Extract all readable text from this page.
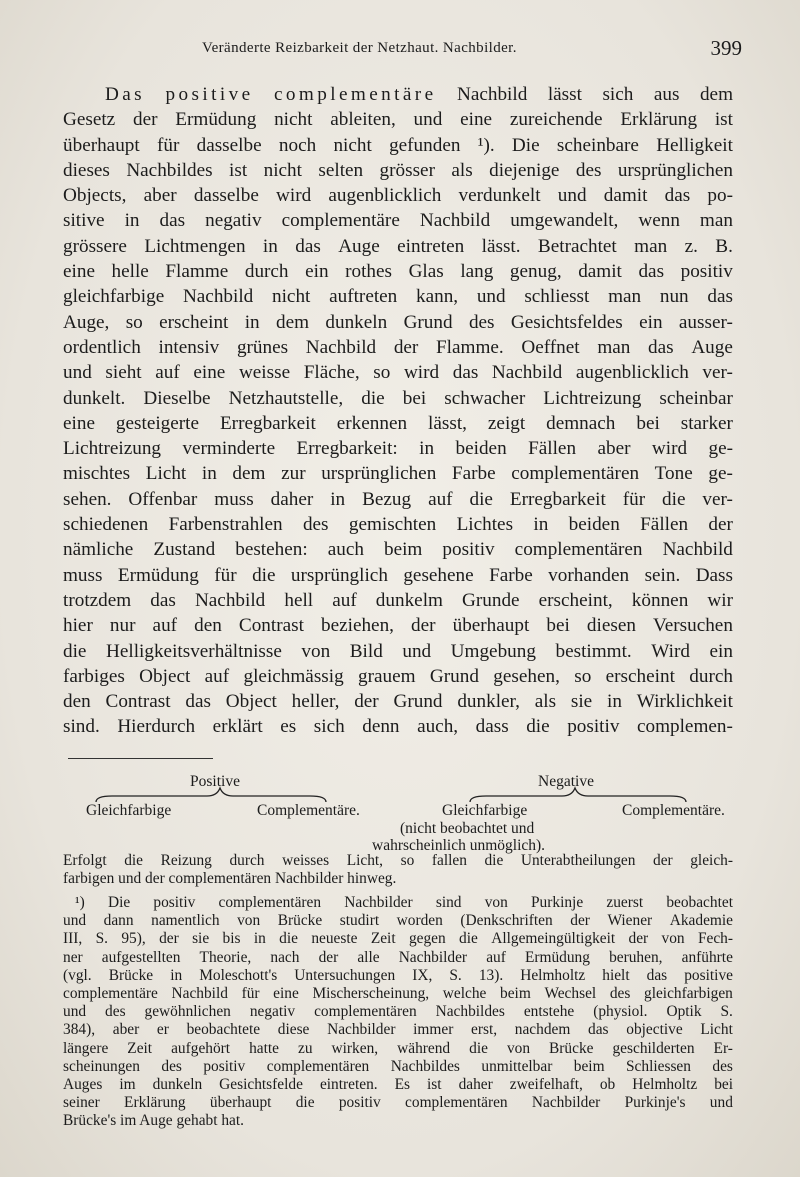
Veränderte Reizbarkeit der Netzhaut. Nachbilder.	399
Das positive complementäre Nachbild lässt sich aus dem
Gesetz der Ermüdung nicht ableiten, und eine zureichende Erklärung ist
überhaupt für dasselbe noch nicht gefunden ¹). Die scheinbare Helligkeit
dieses Nachbildes ist nicht selten grösser als diejenige des ursprünglichen
Objects, aber dasselbe wird augenblicklich verdunkelt und damit das po-
sitive in das negativ complementäre Nachbild umgewandelt, wenn man
grössere Lichtmengen in das Auge eintreten lässt. Betrachtet man z. B.
eine helle Flamme durch ein rothes Glas lang genug, damit das positiv
gleichfarbige Nachbild nicht auftreten kann, und schliesst man nun das
Auge, so erscheint in dem dunkeln Grund des Gesichtsfeldes ein ausser-
ordentlich intensiv grünes Nachbild der Flamme. Oeffnet man das Auge
und sieht auf eine weisse Fläche, so wird das Nachbild augenblicklich ver-
dunkelt. Dieselbe Netzhautstelle, die bei schwacher Lichtreizung scheinbar
eine gesteigerte Erregbarkeit erkennen lässt, zeigt demnach bei starker
Lichtreizung verminderte Erregbarkeit: in beiden Fällen aber wird ge-
mischtes Licht in dem zur ursprünglichen Farbe complementären Tone ge-
sehen. Offenbar muss daher in Bezug auf die Erregbarkeit für die ver-
schiedenen Farbenstrahlen des gemischten Lichtes in beiden Fällen der
nämliche Zustand bestehen: auch beim positiv complementären Nachbild
muss Ermüdung für die ursprünglich gesehene Farbe vorhanden sein. Dass
trotzdem das Nachbild hell auf dunkelm Grunde erscheint, können wir
hier nur auf den Contrast beziehen, der überhaupt bei diesen Versuchen
die Helligkeitsverhältnisse von Bild und Umgebung bestimmt. Wird ein
farbiges Object auf gleichmässig grauem Grund gesehen, so erscheint durch
den Contrast das Object heller, der Grund dunkler, als sie in Wirklichkeit
sind. Hierdurch erklärt es sich denn auch, dass die positiv complemen-
Positive	Negative
Gleichfarbige	Complementäre.	Gleichfarbige	Complementäre.
(nicht beobachtet und
wahrscheinlich unmöglich).
Erfolgt die Reizung durch weisses Licht, so fallen die Unterabtheilungen der gleich-
farbigen und der complementären Nachbilder hinweg.
¹) Die positiv complementären Nachbilder sind von Purkinje zuerst beobachtet
und dann namentlich von Brücke studirt worden (Denkschriften der Wiener Akademie
III, S. 95), der sie bis in die neueste Zeit gegen die Allgemeingültigkeit der von Fech-
ner aufgestellten Theorie, nach der alle Nachbilder auf Ermüdung beruhen, anführte
(vgl. Brücke in Moleschott's Untersuchungen IX, S. 13). Helmholtz hielt das positive
complementäre Nachbild für eine Mischerscheinung, welche beim Wechsel des gleichfarbigen
und des gewöhnlichen negativ complementären Nachbildes entstehe (physiol. Optik S.
384), aber er beobachtete diese Nachbilder immer erst, nachdem das objective Licht
längere Zeit aufgehört hatte zu wirken, während die von Brücke geschilderten Er-
scheinungen des positiv complementären Nachbildes unmittelbar beim Schliessen des
Auges im dunkeln Gesichtsfelde eintreten. Es ist daher zweifelhaft, ob Helmholtz bei
seiner Erklärung überhaupt die positiv complementären Nachbilder Purkinje's und
Brücke's im Auge gehabt hat.
